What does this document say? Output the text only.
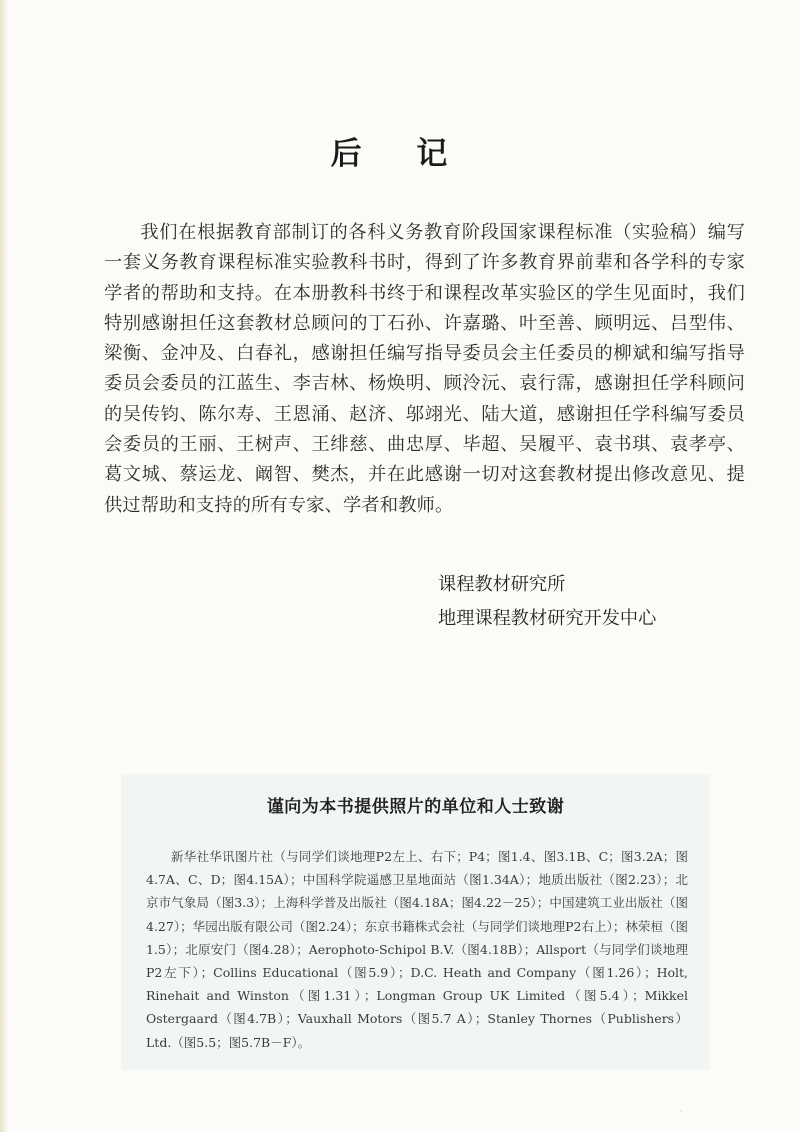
后 记

我们在根据教育部制订的各科义务教育阶段国家课程标准（实验稿）编写一套义务教育课程标准实验教科书时，得到了许多教育界前辈和各学科的专家学者的帮助和支持。在本册教科书终于和课程改革实验区的学生见面时，我们特别感谢担任这套教材总顾问的丁石孙、许嘉璐、叶至善、顾明远、吕型伟、梁衡、金冲及、白春礼，感谢担任编写指导委员会主任委员的柳斌和编写指导委员会委员的江蓝生、李吉林、杨焕明、顾泠沅、袁行霈，感谢担任学科顾问的吴传钧、陈尔寿、王恩涌、赵济、邬翊光、陆大道，感谢担任学科编写委员会委员的王丽、王树声、王绯慈、曲忠厚、毕超、吴履平、袁书琪、袁孝亭、葛文城、蔡运龙、阚智、樊杰，并在此感谢一切对这套教材提出修改意见、提供过帮助和支持的所有专家、学者和教师。

课程教材研究所
地理课程教材研究开发中心
谨向为本书提供照片的单位和人士致谢

新华社华讯图片社（与同学们谈地理P2左上、右下；P4；图1.4、图3.1B、C；图3.2A；图4.7A、C、D；图4.15A）；中国科学院遥感卫星地面站（图1.34A）；地质出版社（图2.23）；北京市气象局（图3.3）；上海科学普及出版社（图4.18A；图4.22－25）；中国建筑工业出版社（图4.27）；华园出版有限公司（图2.24）；东京书籍株式会社（与同学们谈地理P2右上）；林荣桓（图1.5）；北原安门（图4.28）；Aerophoto-Schipol B.V.（图4.18B）；Allsport（与同学们谈地理P2左下）；Collins Educational（图5.9）；D.C. Heath and Company（图1.26）；Holt, Rinehait and Winston（图1.31）；Longman Group UK Limited（图5.4）；Mikkel Ostergaard（图4.7B）；Vauxhall Motors（图5.7 A）；Stanley Thornes（Publishers）Ltd.（图5.5；图5.7B－F）。

·
